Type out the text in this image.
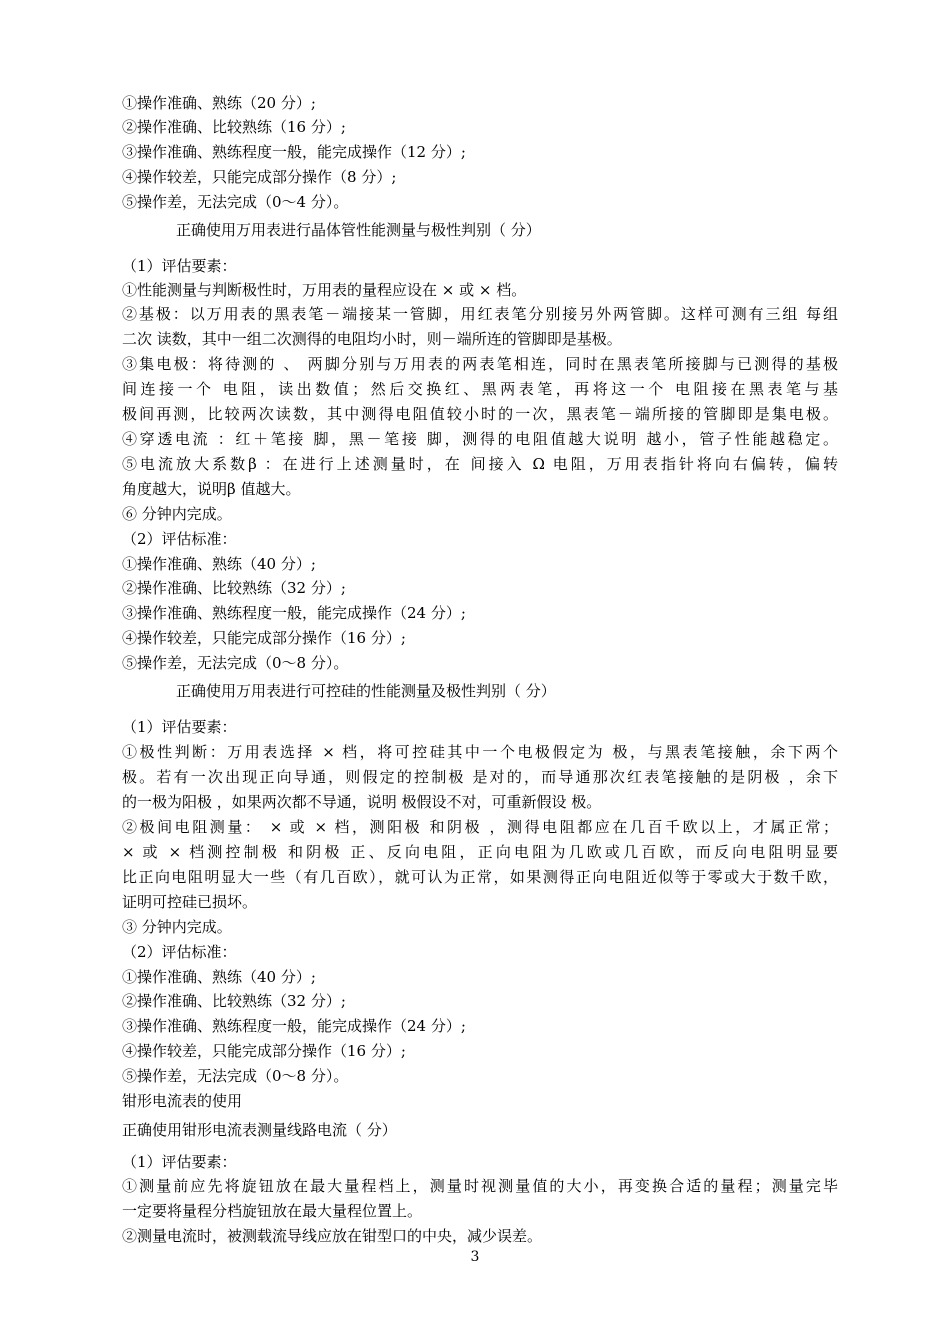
①操作准确、熟练（20 分）;
②操作准确、比较熟练（16 分）;
③操作准确、熟练程度一般，能完成操作（12 分）;
④操作较差，只能完成部分操作（8 分）;
⑤操作差，无法完成（0～4 分）。
正确使用万用表进行晶体管性能测量与极性判别（ 分）
（1）评估要素：
①性能测量与判断极性时，万用表的量程应设在 × 或 × 档。
②基极：以万用表的黑表笔－端接某一管脚，用红表笔分别接另外两管脚。这样可测有三组 每组
二次 读数，其中一组二次测得的电阻均小时，则－端所连的管脚即是基极。
③集电极：将待测的 、 两脚分别与万用表的两表笔相连，同时在黑表笔所接脚与已测得的基极
间连接一个 电阻，读出数值；然后交换红、黑两表笔，再将这一个 电阻接在黑表笔与基
极间再测，比较两次读数，其中测得电阻值较小时的一次，黑表笔－端所接的管脚即是集电极。
④穿透电流 ：红＋笔接 脚，黑－笔接 脚，测得的电阻值越大说明 越小，管子性能越稳定。
⑤电流放大系数β ：在进行上述测量时，在 间接入 Ω 电阻，万用表指针将向右偏转，偏转
角度越大，说明β 值越大。
⑥ 分钟内完成。
（2）评估标准：
①操作准确、熟练（40 分）;
②操作准确、比较熟练（32 分）;
③操作准确、熟练程度一般，能完成操作（24 分）;
④操作较差，只能完成部分操作（16 分）;
⑤操作差，无法完成（0～8 分）。
正确使用万用表进行可控硅的性能测量及极性判别（ 分）
（1）评估要素：
①极性判断：万用表选择 × 档，将可控硅其中一个电极假定为 极，与黑表笔接触，余下两个
极。若有一次出现正向导通，则假定的控制极 是对的，而导通那次红表笔接触的是阴极 ，余下
的一极为阳极 ，如果两次都不导通，说明 极假设不对，可重新假设 极。
②极间电阻测量： × 或 × 档，测阳极 和阴极 ，测得电阻都应在几百千欧以上，才属正常；
× 或 × 档测控制极 和阴极 正、反向电阻，正向电阻为几欧或几百欧，而反向电阻明显要
比正向电阻明显大一些（有几百欧），就可认为正常，如果测得正向电阻近似等于零或大于数千欧，
证明可控硅已损坏。
③ 分钟内完成。
（2）评估标准：
①操作准确、熟练（40 分）;
②操作准确、比较熟练（32 分）;
③操作准确、熟练程度一般，能完成操作（24 分）;
④操作较差，只能完成部分操作（16 分）;
⑤操作差，无法完成（0～8 分）。
钳形电流表的使用
正确使用钳形电流表测量线路电流（ 分）
（1）评估要素：
①测量前应先将旋钮放在最大量程档上，测量时视测量值的大小，再变换合适的量程；测量完毕
一定要将量程分档旋钮放在最大量程位置上。
②测量电流时，被测载流导线应放在钳型口的中央，减少误差。
3
